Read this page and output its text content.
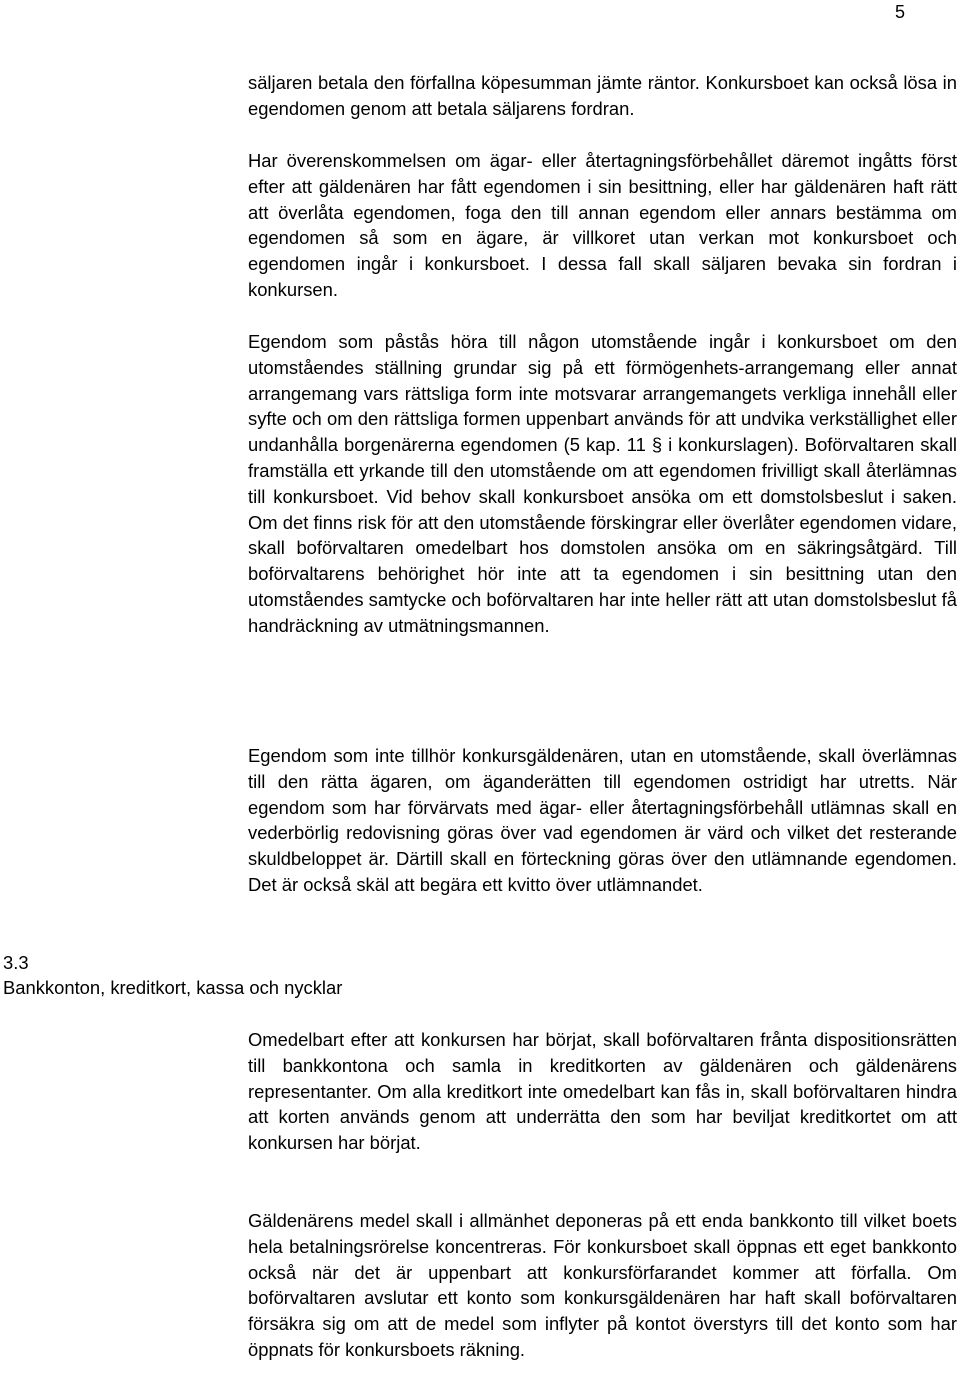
5

säljaren betala den förfallna köpesumman jämte räntor. Konkursboet kan också lösa in egendomen genom att betala säljarens fordran.

Har överenskommelsen om ägar- eller återtagningsförbehållet däremot ingåtts först efter att gäldenären har fått egendomen i sin besittning, eller har gäldenären haft rätt att överlåta egendomen, foga den till annan egendom eller annars bestämma om egendomen så som en ägare, är villkoret utan verkan mot konkursboet och egendomen ingår i konkursboet. I dessa fall skall säljaren bevaka sin fordran i konkursen.

Egendom som påstås höra till någon utomstående ingår i konkursboet om den utomståendes ställning grundar sig på ett förmögenhets-arrangemang eller annat arrangemang vars rättsliga form inte motsvarar arrangemangets verkliga innehåll eller syfte och om den rättsliga formen uppenbart används för att undvika verkställighet eller undanhålla borgenärerna egendomen (5 kap. 11 § i konkurslagen). Boförvaltaren skall framställa ett yrkande till den utomstående om att egendomen frivilligt skall återlämnas till konkursboet. Vid behov skall konkursboet ansöka om ett domstolsbeslut i saken. Om det finns risk för att den utomstående förskingrar eller överlåter egendomen vidare, skall boförvaltaren omedelbart hos domstolen ansöka om en säkringsåtgärd. Till boförvaltarens behörighet hör inte att ta egendomen i sin besittning utan den utomståendes samtycke och boförvaltaren har inte heller rätt att utan domstolsbeslut få handräckning av utmätningsmannen.

Egendom som inte tillhör konkursgäldenären, utan en utomstående, skall överlämnas till den rätta ägaren, om äganderätten till egendomen ostridigt har utretts. När egendom som har förvärvats med ägar- eller återtagningsförbehåll utlämnas skall en vederbörlig redovisning göras över vad egendomen är värd och vilket det resterande skuldbeloppet är. Därtill skall en förteckning göras över den utlämnande egendomen. Det är också skäl att begära ett kvitto över utlämnandet.

3.3
Bankkonton, kreditkort, kassa och nycklar

Omedelbart efter att konkursen har börjat, skall boförvaltaren fråntа dispositionsrätten till bankkontona och samla in kreditkorten av gäldenären och gäldenärens representanter. Om alla kreditkort inte omedelbart kan fås in, skall boförvaltaren hindra att korten används genom att underrätta den som har beviljat kreditkortet om att konkursen har börjat.

Gäldenärens medel skall i allmänhet deponeras på ett enda bankkonto till vilket boets hela betalningsrörelse koncentreras. För konkursboet skall öppnas ett eget bankkonto också när det är uppenbart att konkursförfarandet kommer att förfalla. Om boförvaltaren avslutar ett konto som konkursgäldenären har haft skall boförvaltaren försäkra sig om att de medel som inflyter på kontot överstyrs till det konto som har öppnats för konkursboets räkning.
